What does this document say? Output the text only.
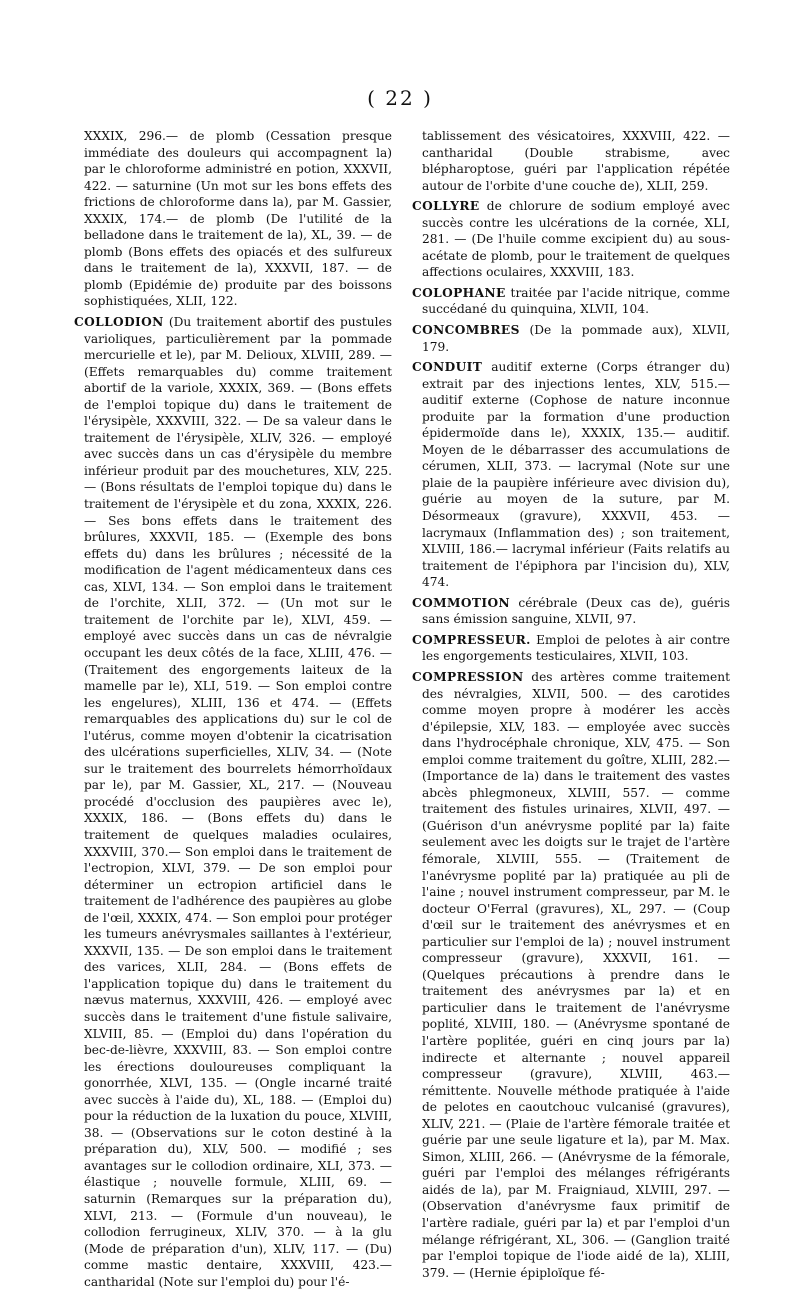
( 22 )

XXXIX, 296.— de plomb (Cessation presque immédiate des douleurs qui accompagnent la) par le chloroforme administré en potion, XXXVII, 422. — saturnine (Un mot sur les bons effets des frictions de chloroforme dans la), par M. Gassier, XXXIX, 174.— de plomb (De l'utilité de la belladone dans le traitement de la), XL, 39. — de plomb (Bons effets des opiacés et des sulfureux dans le traitement de la), XXXVII, 187. — de plomb (Epidémie de) produite par des boissons sophistiquées, XLII, 122.

COLLODION (Du traitement abortif des pustules varioliques, particulièrement par la pommade mercurielle et le), par M. Delioux, XLVIII, 289. — (Effets remarquables du) comme traitement abortif de la variole, XXXIX, 369. — (Bons effets de l'emploi topique du) dans le traitement de l'érysipèle, XXXVIII, 322. — De sa valeur dans le traitement de l'érysipèle, XLIV, 326. — employé avec succès dans un cas d'érysipèle du membre inférieur produit par des mouchetures, XLV, 225. — (Bons résultats de l'emploi topique du) dans le traitement de l'érysipèle et du zona, XXXIX, 226.— Ses bons effets dans le traitement des brûlures, XXXVII, 185. — (Exemple des bons effets du) dans les brûlures ; nécessité de la modification de l'agent médicamenteux dans ces cas, XLVI, 134. — Son emploi dans le traitement de l'orchite, XLII, 372. — (Un mot sur le traitement de l'orchite par le), XLVI, 459. — employé avec succès dans un cas de névralgie occupant les deux côtés de la face, XLIII, 476. — (Traitement des engorgements laiteux de la mamelle par le), XLI, 519. — Son emploi contre les engelures), XLIII, 136 et 474. — (Effets remarquables des applications du) sur le col de l'utérus, comme moyen d'obtenir la cicatrisation des ulcérations superficielles, XLIV, 34. — (Note sur le traitement des bourrelets hémorrhoïdaux par le), par M. Gassier, XL, 217. — (Nouveau procédé d'occlusion des paupières avec le), XXXIX, 186. — (Bons effets du) dans le traitement de quelques maladies oculaires, XXXVIII, 370.— Son emploi dans le traitement de l'ectropion, XLVI, 379. — De son emploi pour déterminer un ectropion artificiel dans le traitement de l'adhérence des paupières au globe de l'œil, XXXIX, 474. — Son emploi pour protéger les tumeurs anévrysmales saillantes à l'extérieur, XXXVII, 135. — De son emploi dans le traitement des varices, XLII, 284. — (Bons effets de l'application topique du) dans le traitement du nævus maternus, XXXVIII, 426. — employé avec succès dans le traitement d'une fistule salivaire, XLVIII, 85. — (Emploi du) dans l'opération du bec-de-lièvre, XXXVIII, 83. — Son emploi contre les érections douloureuses compliquant la gonorrhée, XLVI, 135. — (Ongle incarné traité avec succès à l'aide du), XL, 188. — (Emploi du) pour la réduction de la luxation du pouce, XLVIII, 38. — (Observations sur le coton destiné à la préparation du), XLV, 500. — modifié ; ses avantages sur le collodion ordinaire, XLI, 373. — élastique ; nouvelle formule, XLIII, 69. — saturnin (Remarques sur la préparation du), XLVI, 213. — (Formule d'un nouveau), le collodion ferrugineux, XLIV, 370. — à la glu (Mode de préparation d'un), XLIV, 117. — (Du) comme mastic dentaire, XXXVIII, 423.— cantharidal (Note sur l'emploi du) pour l'é-

tablissement des vésicatoires, XXXVIII, 422. — cantharidal (Double strabisme, avec blépharoptose, guéri par l'application répétée autour de l'orbite d'une couche de), XLII, 259.

COLLYRE de chlorure de sodium employé avec succès contre les ulcérations de la cornée, XLI, 281. — (De l'huile comme excipient du) au sous-acétate de plomb, pour le traitement de quelques affections oculaires, XXXVIII, 183.

COLOPHANE traitée par l'acide nitrique, comme succédané du quinquina, XLVII, 104.

CONCOMBRES (De la pommade aux), XLVII, 179.

CONDUIT auditif externe (Corps étranger du) extrait par des injections lentes, XLV, 515.— auditif externe (Cophose de nature inconnue produite par la formation d'une production épidermoïde dans le), XXXIX, 135.— auditif. Moyen de le débarrasser des accumulations de cérumen, XLII, 373. — lacrymal (Note sur une plaie de la paupière inférieure avec division du), guérie au moyen de la suture, par M. Désormeaux (gravure), XXXVII, 453. — lacrymaux (Inflammation des) ; son traitement, XLVIII, 186.— lacrymal inférieur (Faits relatifs au traitement de l'épiphora par l'incision du), XLV, 474.

COMMOTION cérébrale (Deux cas de), guéris sans émission sanguine, XLVII, 97.

COMPRESSEUR. Emploi de pelotes à air contre les engorgements testiculaires, XLVII, 103.

COMPRESSION des artères comme traitement des névralgies, XLVII, 500. — des carotides comme moyen propre à modérer les accès d'épilepsie, XLV, 183. — employée avec succès dans l'hydrocéphale chronique, XLV, 475. — Son emploi comme traitement du goître, XLIII, 282.— (Importance de la) dans le traitement des vastes abcès phlegmoneux, XLVIII, 557. — comme traitement des fistules urinaires, XLVII, 497. — (Guérison d'un anévrysme poplité par la) faite seulement avec les doigts sur le trajet de l'artère fémorale, XLVIII, 555. — (Traitement de l'anévrysme poplité par la) pratiquée au pli de l'aine ; nouvel instrument compresseur, par M. le docteur O'Ferral (gravures), XL, 297. — (Coup d'œil sur le traitement des anévrysmes et en particulier sur l'emploi de la) ; nouvel instrument compresseur (gravure), XXXVII, 161. — (Quelques précautions à prendre dans le traitement des anévrysmes par la) et en particulier dans le traitement de l'anévrysme poplité, XLVIII, 180. — (Anévrysme spontané de l'artère poplitée, guéri en cinq jours par la) indirecte et alternante ; nouvel appareil compresseur (gravure), XLVIII, 463.— rémittente. Nouvelle méthode pratiquée à l'aide de pelotes en caoutchouc vulcanisé (gravures), XLIV, 221. — (Plaie de l'artère fémorale traitée et guérie par une seule ligature et la), par M. Max. Simon, XLIII, 266. — (Anévrysme de la fémorale, guéri par l'emploi des mélanges réfrigérants aidés de la), par M. Fraigniaud, XLVIII, 297. — (Observation d'anévrysme faux primitif de l'artère radiale, guéri par la) et par l'emploi d'un mélange réfrigérant, XL, 306. — (Ganglion traité par l'emploi topique de l'iode aidé de la), XLIII, 379. — (Hernie épiploïque fé-
